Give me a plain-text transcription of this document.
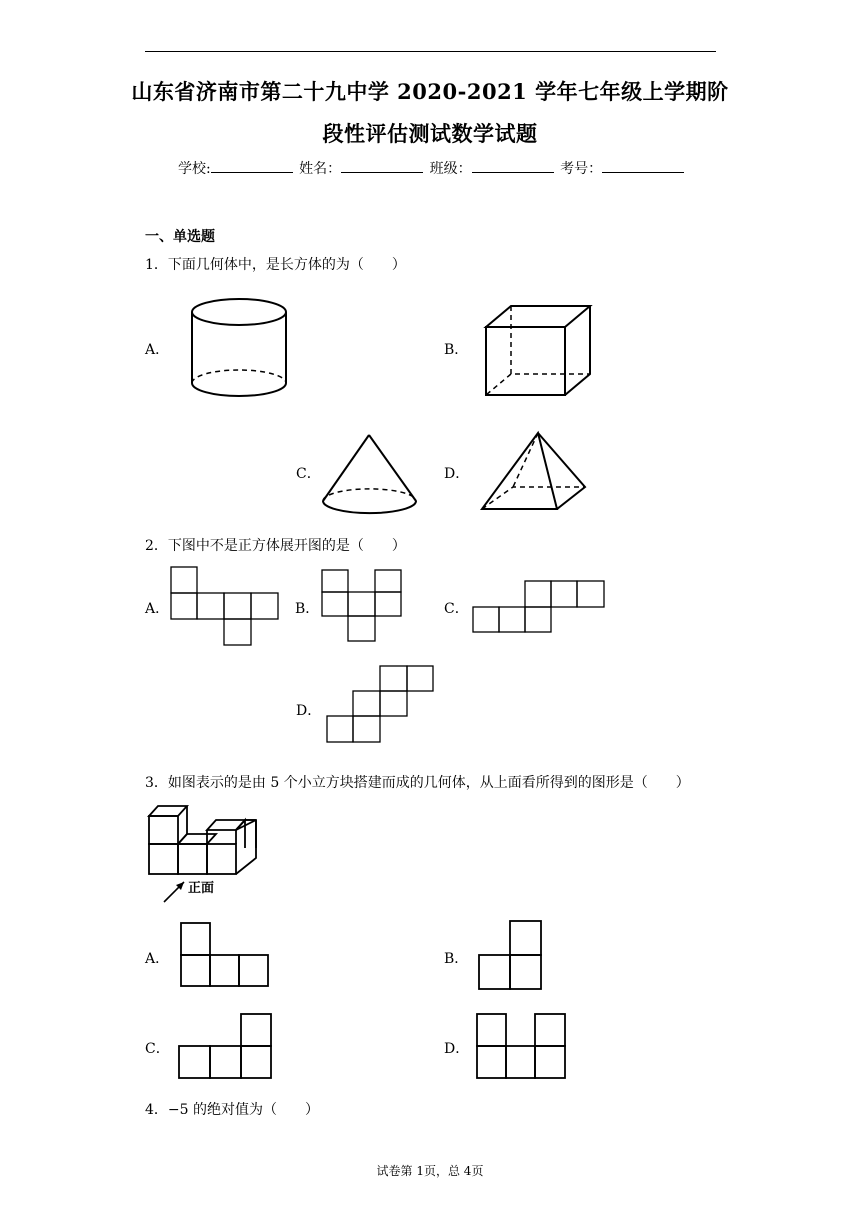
山东省济南市第二十九中学 2020-2021 学年七年级上学期阶
段性评估测试数学试题
学校:	姓名：	班级：	考号：
一、单选题
1．下面几何体中，是长方体的为（　　）
A．	B．
C．	D．
2．下图中不是正方体展开图的是（　　）
A．	B．	C．
D．
3．如图表示的是由 5 个小立方块搭建而成的几何体，从上面看所得到的图形是（　　）
正面
A．	B．
C．	D．
4．−5 的绝对值为（　　）
试卷第 1页，总 4页
